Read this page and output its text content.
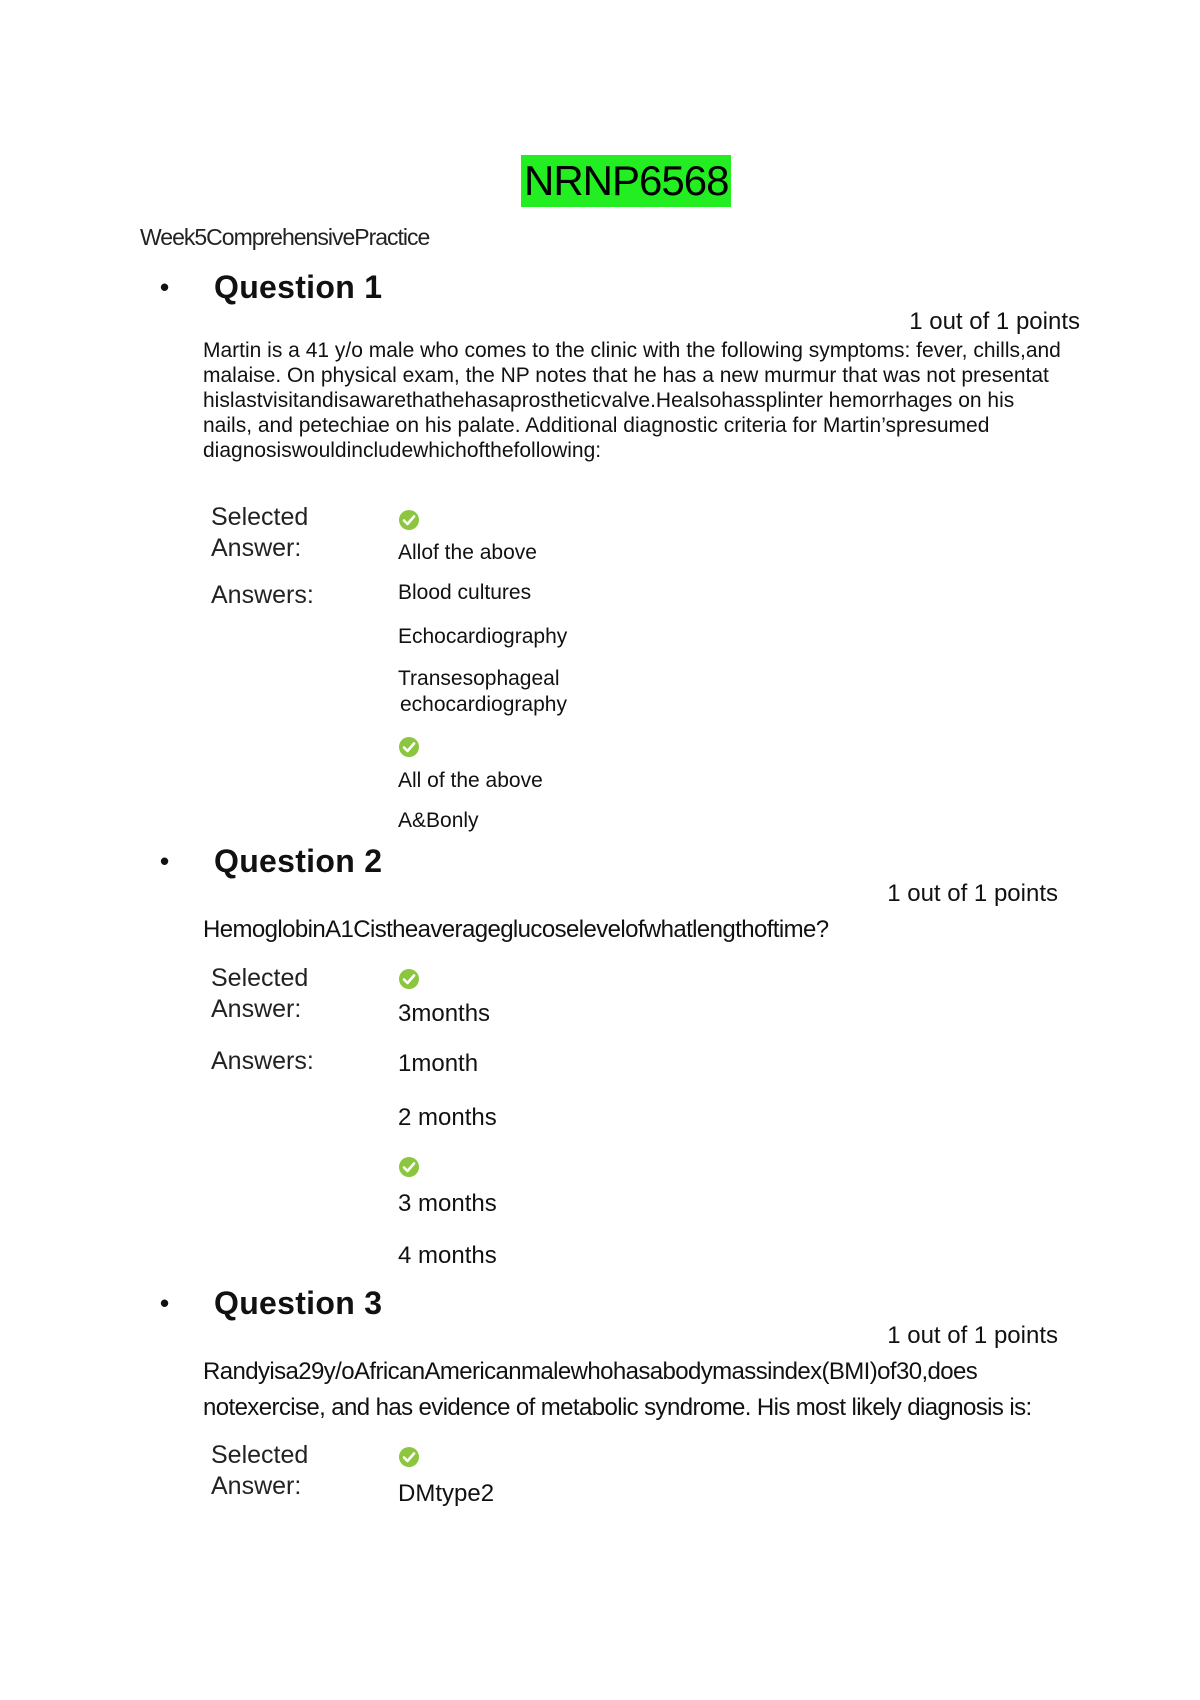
NRNP6568
Week5ComprehensivePractice
• Question 1
1 out of 1 points
Martin is a 41 y/o male who comes to the clinic with the following symptoms: fever, chills,and
malaise. On physical exam, the NP notes that he has a new murmur that was not presentat
hislastvisitandisawarethathehasaprostheticvalve.Healsohassplinter hemorrhages on his
nails, and petechiae on his palate. Additional diagnostic criteria for Martin’spresumed
diagnosiswouldincludewhichofthefollowing:
Selected
Answer:	Allof the above
Answers:	Blood cultures
Echocardiography
Transesophageal
echocardiography
All of the above
A&Bonly
• Question 2
1 out of 1 points
HemoglobinA1Cistheaverageglucoselevelofwhatlengthoftime?
Selected
Answer:	3months
Answers:	1month
2 months
3 months
4 months
• Question 3
1 out of 1 points
Randyisa29y/oAfricanAmericanmalewhohasabodymassindex(BMI)of30,does
notexercise, and has evidence of metabolic syndrome. His most likely diagnosis is:
Selected
Answer:	DMtype2
